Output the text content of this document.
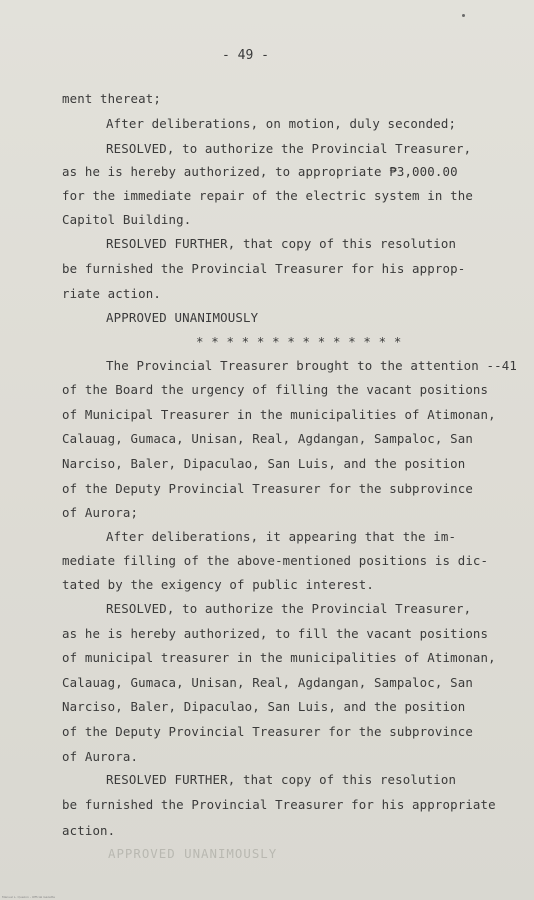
- 49 -
ment thereat;
After deliberations, on motion, duly seconded;
RESOLVED, to authorize the Provincial Treasurer,
as he is hereby authorized, to appropriate ₱3,000.00
for the immediate repair of the electric system in the
Capitol Building.
RESOLVED FURTHER, that copy of this resolution
be furnished the Provincial Treasurer for his approp-
riate action.
APPROVED UNANIMOUSLY
* * * * * * * * * * * * * *
The Provincial Treasurer brought to the attention --41
of the Board the urgency of filling the vacant positions
of Municipal Treasurer in the municipalities of Atimonan,
Calauag, Gumaca, Unisan, Real, Agdangan, Sampaloc, San
Narciso, Baler, Dipaculao, San Luis, and the position
of the Deputy Provincial Treasurer for the subprovince
of Aurora;
After deliberations, it appearing that the im-
mediate filling of the above-mentioned positions is dic-
tated by the exigency of public interest.
RESOLVED, to authorize the Provincial Treasurer,
as he is hereby authorized, to fill the vacant positions
of municipal treasurer in the municipalities of Atimonan,
Calauag, Gumaca, Unisan, Real, Agdangan, Sampaloc, San
Narciso, Baler, Dipaculao, San Luis, and the position
of the Deputy Provincial Treasurer for the subprovince
of Aurora.
RESOLVED FURTHER, that copy of this resolution
be furnished the Provincial Treasurer for his appropriate
action.
APPROVED UNANIMOUSLY
Manuel L. Quezon - Official Gazette
